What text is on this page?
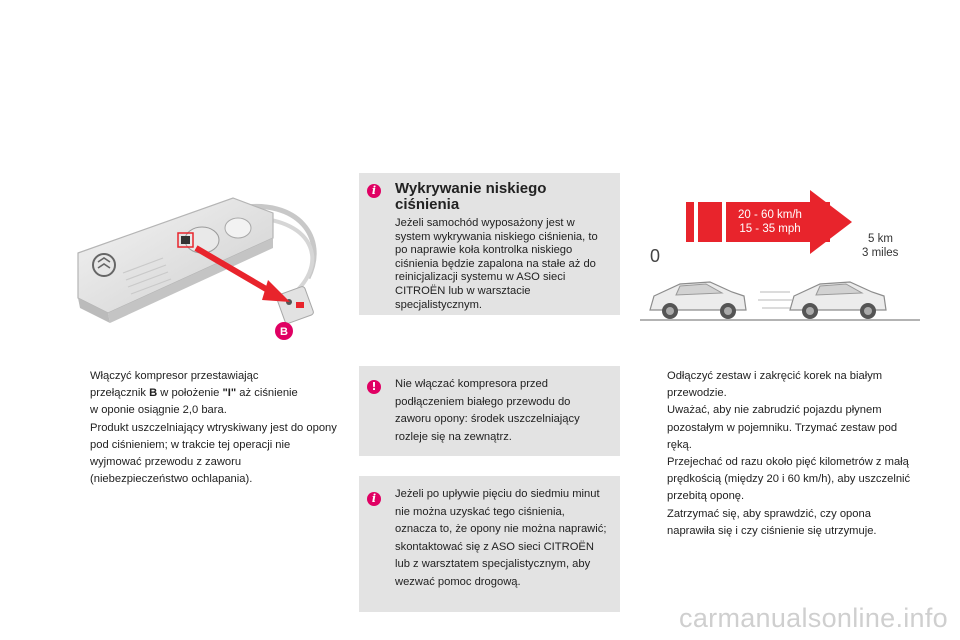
B
i	Wykrywanie niskiego ciśnienia
Jeżeli samochód wyposażony jest w system wykrywania niskiego ciśnienia, to po naprawie koła kontrolka niskiego ciśnienia będzie zapalona na stałe aż do reinicjalizacji systemu w ASO sieci CITROËN lub w warsztacie specjalistycznym.
20 - 60 km/h
15 - 35 mph
0
5 km
3 miles
Włączyć kompresor przestawiając
przełącznik B w położenie "I" aż ciśnienie
w oponie osiągnie 2,0 bara.
Produkt uszczelniający wtryskiwany jest do opony pod ciśnieniem; w trakcie tej operacji nie wyjmować przewodu z zaworu (niebezpieczeństwo ochlapania).
!	Nie włączać kompresora przed podłączeniem białego przewodu do zaworu opony: środek uszczelniający rozleje się na zewnątrz.
i	Jeżeli po upływie pięciu do siedmiu minut nie można uzyskać tego ciśnienia, oznacza to, że opony nie można naprawić; skontaktować się z ASO sieci CITROËN lub z warsztatem specjalistycznym, aby wezwać pomoc drogową.
Odłączyć zestaw i zakręcić korek na białym przewodzie.
Uważać, aby nie zabrudzić pojazdu płynem pozostałym w pojemniku. Trzymać zestaw pod ręką.
Przejechać od razu około pięć kilometrów z małą prędkością (między 20 i 60 km/h), aby uszczelnić przebitą oponę.
Zatrzymać się, aby sprawdzić, czy opona naprawiła się i czy ciśnienie się utrzymuje.
carmanualsonline.info
